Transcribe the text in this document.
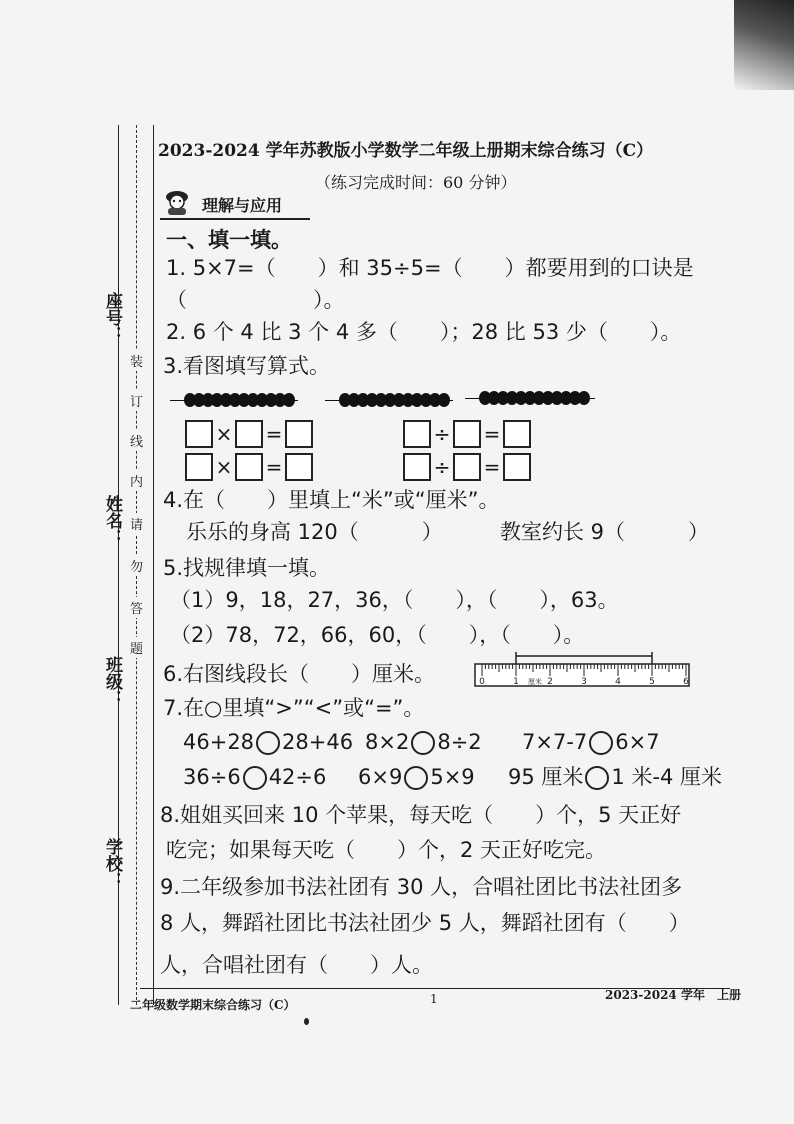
座号：
姓名：
班级：
学校：
装
订
线
内
请
勿
答
题
2023-2024 学年苏教版小学数学二年级上册期末综合练习（C）
（练习完成时间：60 分钟）
理解与应用
一、填一填。
1. 5×7=（　　）和 35÷5=（　　）都要用到的口诀是
（　　　　　　）。
2. 6 个 4 比 3 个 4 多（　　）；28 比 53 少（　　）。
3.看图填写算式。
× =
× =
÷ =
÷ =
4.在（　　）里填上“米”或“厘米”。
乐乐的身高 120（　　　）	教室约长 9（　　　）
5.找规律填一填。
（1）9，18，27，36，（　　），（　　），63。
（2）78，72，66，60，（　　），（　　）。
6.右图线段长（　　）厘米。	0	1	2	3	4	5	6
厘米
7.在○里填“>”“<”或“=”。
46+28 28+46 8×2 8÷2 7×7-7 6×7
36÷6 42÷6 6×9 5×9 95 厘米 1 米-4 厘米
8.姐姐买回来 10 个苹果，每天吃（　　）个，5 天正好
吃完；如果每天吃（　　）个，2 天正好吃完。
9.二年级参加书法社团有 30 人，合唱社团比书法社团多
8 人，舞蹈社团比书法社团少 5 人，舞蹈社团有（　　）
人，合唱社团有（　　）人。
二年级数学期末综合练习（C）	1	2023-2024 学年　上册
